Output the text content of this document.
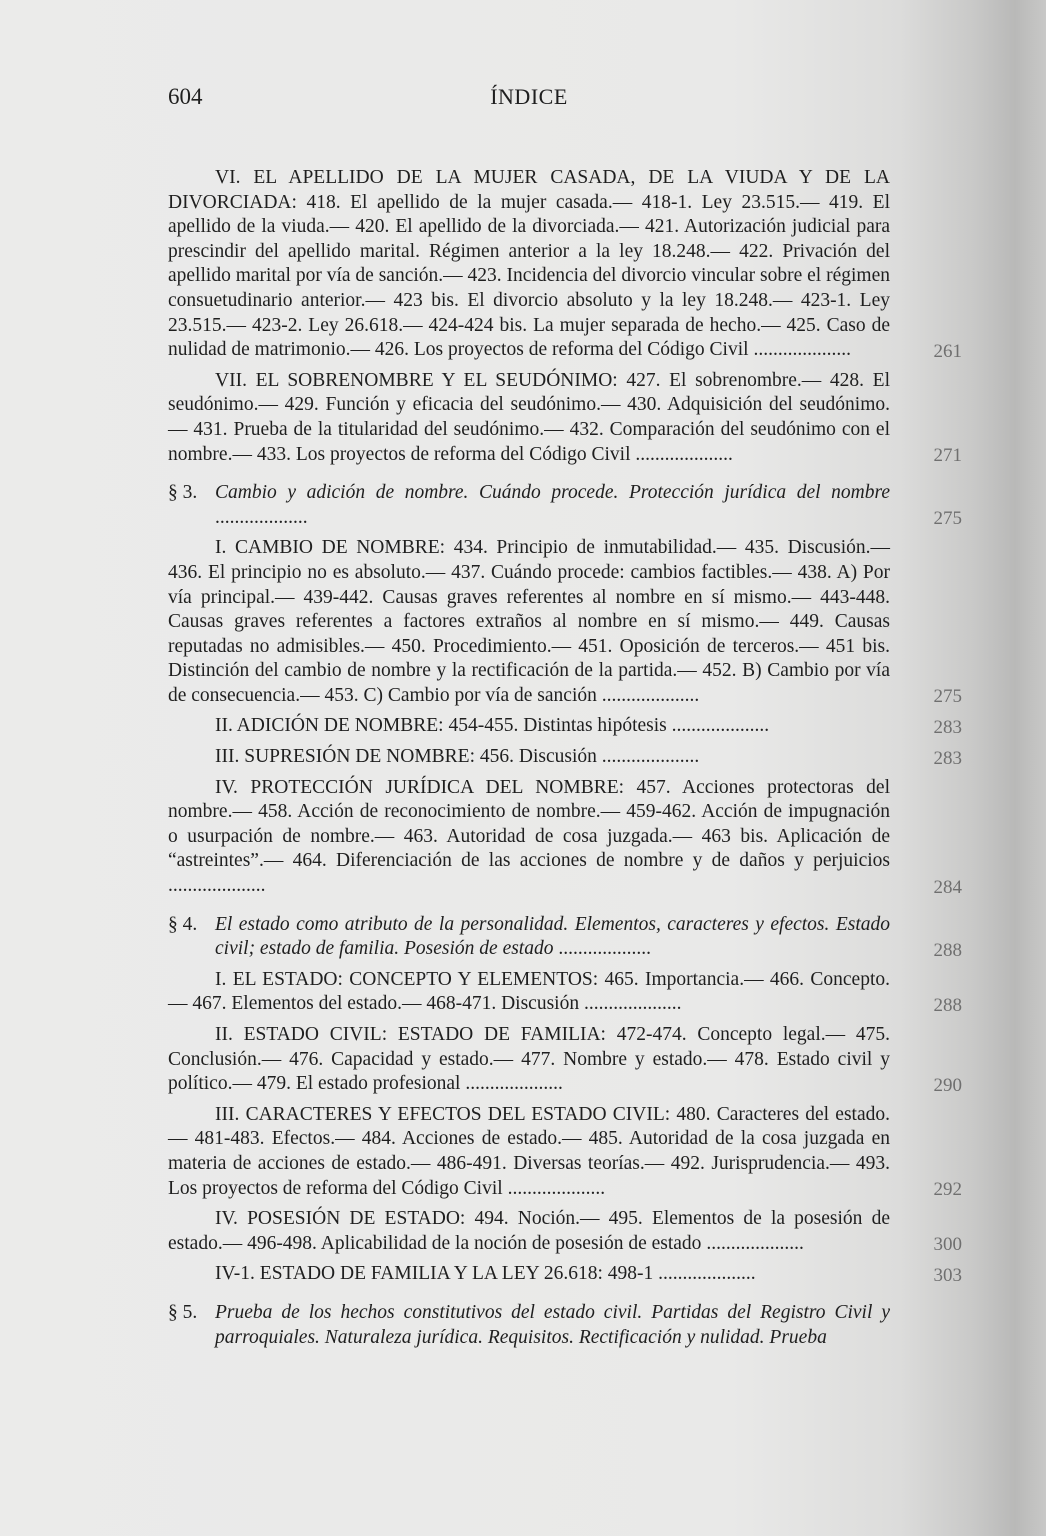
604	ÍNDICE
VI. EL APELLIDO DE LA MUJER CASADA, DE LA VIUDA Y DE LA DIVORCIADA: 418. El apellido de la mujer casada.— 418-1. Ley 23.515.— 419. El apellido de la viuda.— 420. El apellido de la divorciada.— 421. Autorización judicial para prescindir del apellido marital. Régimen anterior a la ley 18.248.— 422. Privación del apellido marital por vía de sanción.— 423. Incidencia del divorcio vincular sobre el régimen consuetudinario anterior.— 423 bis. El divorcio absoluto y la ley 18.248.— 423-1. Ley 23.515.— 423-2. Ley 26.618.— 424-424 bis. La mujer separada de hecho.— 425. Caso de nulidad de matrimonio.— 426. Los proyectos de reforma del Código Civil ....................	261
VII. EL SOBRENOMBRE Y EL SEUDÓNIMO: 427. El sobrenombre.— 428. El seudónimo.— 429. Función y eficacia del seudónimo.— 430. Adquisición del seudónimo.— 431. Prueba de la titularidad del seudónimo.— 432. Comparación del seudónimo con el nombre.— 433. Los proyectos de reforma del Código Civil ....................	271
§ 3. Cambio y adición de nombre. Cuándo procede. Protección jurídica del nombre ...................	275
I. CAMBIO DE NOMBRE: 434. Principio de inmutabilidad.— 435. Discusión.— 436. El principio no es absoluto.— 437. Cuándo procede: cambios factibles.— 438. A) Por vía principal.— 439-442. Causas graves referentes al nombre en sí mismo.— 443-448. Causas graves referentes a factores extraños al nombre en sí mismo.— 449. Causas reputadas no admisibles.— 450. Procedimiento.— 451. Oposición de terceros.— 451 bis. Distinción del cambio de nombre y la rectificación de la partida.— 452. B) Cambio por vía de consecuencia.— 453. C) Cambio por vía de sanción ....................	275
II. ADICIÓN DE NOMBRE: 454-455. Distintas hipótesis ....................	283
III. SUPRESIÓN DE NOMBRE: 456. Discusión ....................	283
IV. PROTECCIÓN JURÍDICA DEL NOMBRE: 457. Acciones protectoras del nombre.— 458. Acción de reconocimiento de nombre.— 459-462. Acción de impugnación o usurpación de nombre.— 463. Autoridad de cosa juzgada.— 463 bis. Aplicación de “astreintes”.— 464. Diferenciación de las acciones de nombre y de daños y perjuicios ....................	284
§ 4. El estado como atributo de la personalidad. Elementos, caracteres y efectos. Estado civil; estado de familia. Posesión de estado ...................	288
I. EL ESTADO: CONCEPTO Y ELEMENTOS: 465. Importancia.— 466. Concepto.— 467. Elementos del estado.— 468-471. Discusión ....................	288
II. ESTADO CIVIL: ESTADO DE FAMILIA: 472-474. Concepto legal.— 475. Conclusión.— 476. Capacidad y estado.— 477. Nombre y estado.— 478. Estado civil y político.— 479. El estado profesional ....................	290
III. CARACTERES Y EFECTOS DEL ESTADO CIVIL: 480. Caracteres del estado.— 481-483. Efectos.— 484. Acciones de estado.— 485. Autoridad de la cosa juzgada en materia de acciones de estado.— 486-491. Diversas teorías.— 492. Jurisprudencia.— 493. Los proyectos de reforma del Código Civil ....................	292
IV. POSESIÓN DE ESTADO: 494. Noción.— 495. Elementos de la posesión de estado.— 496-498. Aplicabilidad de la noción de posesión de estado ....................	300
IV-1. ESTADO DE FAMILIA Y LA LEY 26.618: 498-1 ....................	303
§ 5. Prueba de los hechos constitutivos del estado civil. Partidas del Registro Civil y parroquiales. Naturaleza jurídica. Requisitos. Rectificación y nulidad. Prueba
